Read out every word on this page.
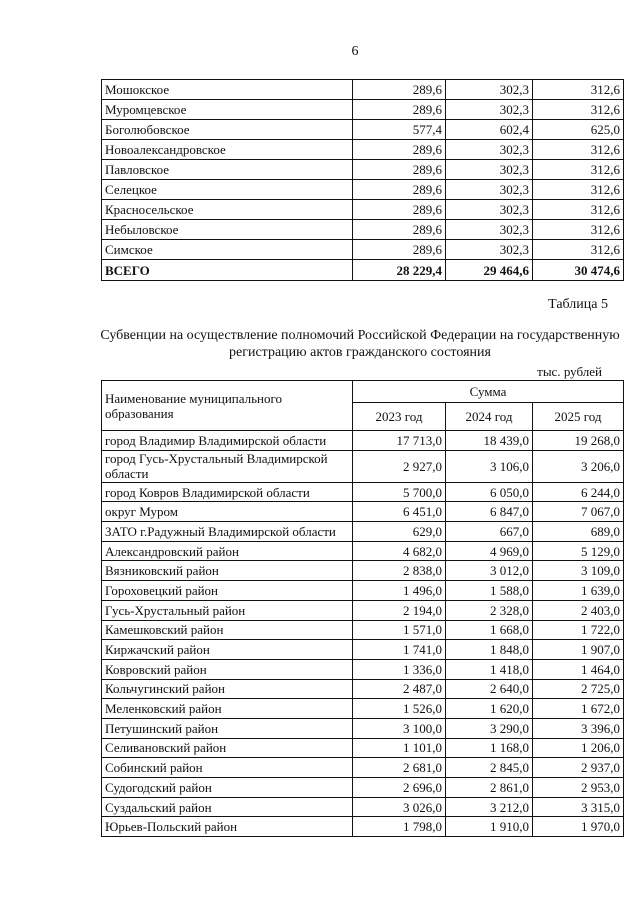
6
Мошокское	289,6	302,3	312,6
Муромцевское	289,6	302,3	312,6
Боголюбовское	577,4	602,4	625,0
Новоалександровское	289,6	302,3	312,6
Павловское	289,6	302,3	312,6
Селецкое	289,6	302,3	312,6
Красносельское	289,6	302,3	312,6
Небыловское	289,6	302,3	312,6
Симское	289,6	302,3	312,6
ВСЕГО	28 229,4	29 464,6	30 474,6
Таблица 5
Субвенции на осуществление полномочий Российской Федерации на государственную
регистрацию актов гражданского состояния
тыс. рублей
Наименование муниципального образования	Сумма		
	2023 год	2024 год	2025 год
город Владимир Владимирской области	17 713,0	18 439,0	19 268,0
город Гусь-Хрустальный Владимирской области	2 927,0	3 106,0	3 206,0
город Ковров Владимирской области	5 700,0	6 050,0	6 244,0
округ Муром	6 451,0	6 847,0	7 067,0
ЗАТО г.Радужный Владимирской области	629,0	667,0	689,0
Александровский район	4 682,0	4 969,0	5 129,0
Вязниковский район	2 838,0	3 012,0	3 109,0
Гороховецкий район	1 496,0	1 588,0	1 639,0
Гусь-Хрустальный район	2 194,0	2 328,0	2 403,0
Камешковский район	1 571,0	1 668,0	1 722,0
Киржачский район	1 741,0	1 848,0	1 907,0
Ковровский район	1 336,0	1 418,0	1 464,0
Кольчугинский район	2 487,0	2 640,0	2 725,0
Меленковский район	1 526,0	1 620,0	1 672,0
Петушинский район	3 100,0	3 290,0	3 396,0
Селивановский район	1 101,0	1 168,0	1 206,0
Собинский район	2 681,0	2 845,0	2 937,0
Судогодский район	2 696,0	2 861,0	2 953,0
Суздальский район	3 026,0	3 212,0	3 315,0
Юрьев-Польский район	1 798,0	1 910,0	1 970,0
